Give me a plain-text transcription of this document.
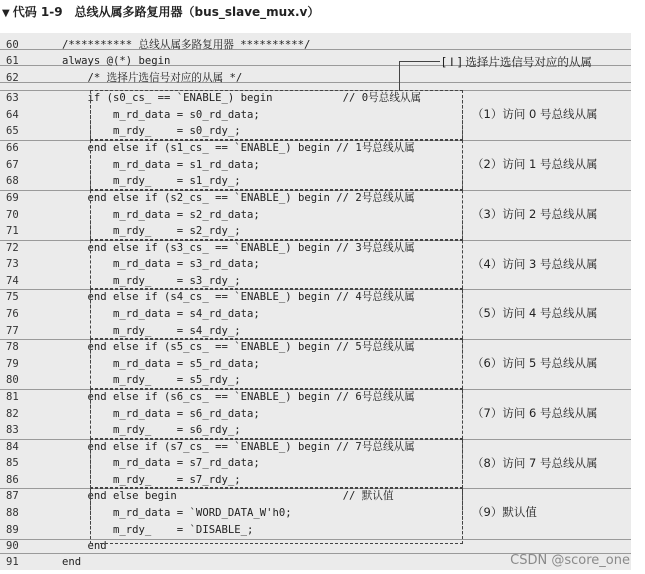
▼ 代码 1-9　总线从属多路复用器（bus_slave_mux.v）
60	/********** 总线从属多路复用器 **********/
61	always @(*) begin
62	/* 选择片选信号对应的从属 */
63	if (s0_cs_ == `ENABLE_) begin           // 0号总线从属
64	m_rd_data = s0_rd_data;
65	m_rdy_    = s0_rdy_;
66	end else if (s1_cs_ == `ENABLE_) begin // 1号总线从属
67	m_rd_data = s1_rd_data;
68	m_rdy_    = s1_rdy_;
69	end else if (s2_cs_ == `ENABLE_) begin // 2号总线从属
70	m_rd_data = s2_rd_data;
71	m_rdy_    = s2_rdy_;
72	end else if (s3_cs_ == `ENABLE_) begin // 3号总线从属
73	m_rd_data = s3_rd_data;
74	m_rdy_    = s3_rdy_;
75	end else if (s4_cs_ == `ENABLE_) begin // 4号总线从属
76	m_rd_data = s4_rd_data;
77	m_rdy_    = s4_rdy_;
78	end else if (s5_cs_ == `ENABLE_) begin // 5号总线从属
79	m_rd_data = s5_rd_data;
80	m_rdy_    = s5_rdy_;
81	end else if (s6_cs_ == `ENABLE_) begin // 6号总线从属
82	m_rd_data = s6_rd_data;
83	m_rdy_    = s6_rdy_;
84	end else if (s7_cs_ == `ENABLE_) begin // 7号总线从属
85	m_rd_data = s7_rd_data;
86	m_rdy_    = s7_rdy_;
87	end else begin                          // 默认值
88	m_rd_data = `WORD_DATA_W'h0;
89	m_rdy_    = `DISABLE_;
90	end
91	end
[ Ⅰ ] 选择片选信号对应的从属
（1）访问 0 号总线从属
（2）访问 1 号总线从属
（3）访问 2 号总线从属
（4）访问 3 号总线从属
（5）访问 4 号总线从属
（6）访问 5 号总线从属
（7）访问 6 号总线从属
（8）访问 7 号总线从属
（9）默认值
CSDN @score_one
